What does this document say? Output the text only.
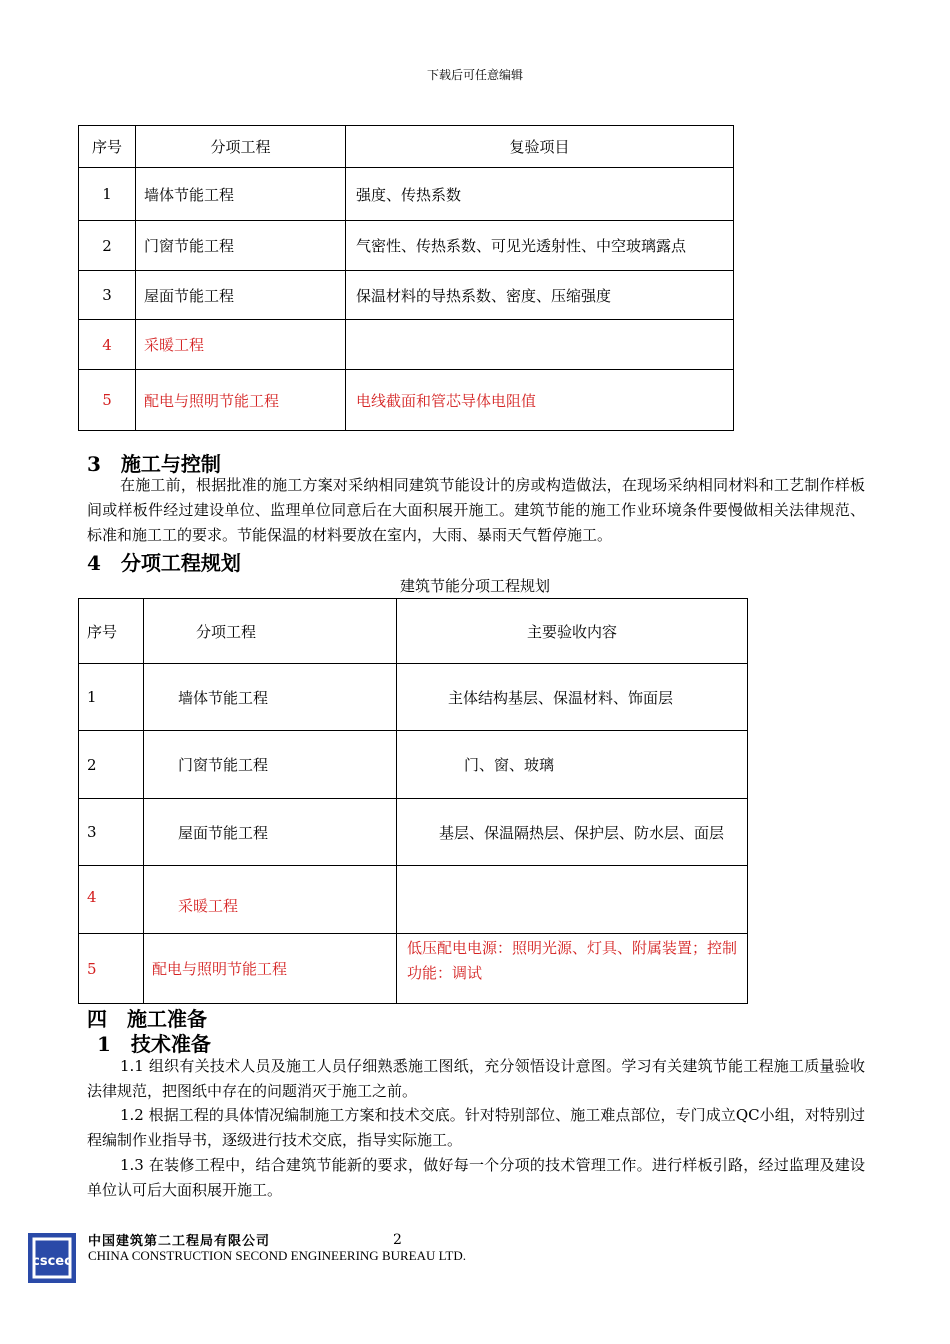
下载后可任意编辑
序号	分项工程	复验项目
1	墙体节能工程	强度、传热系数
2	门窗节能工程	气密性、传热系数、可见光透射性、中空玻璃露点
3	屋面节能工程	保温材料的导热系数、密度、压缩强度
4	采暖工程	
5	配电与照明节能工程	电线截面和管芯导体电阻值
3　施工与控制
在施工前，根据批准的施工方案对采纳相同建筑节能设计的房或构造做法，在现场采纳相同材料和工艺制作样板间或样板件经过建设单位、监理单位同意后在大面积展开施工。建筑节能的施工作业环境条件要慢做相关法律规范、标准和施工工的要求。节能保温的材料要放在室内，大雨、暴雨天气暂停施工。
4　分项工程规划
建筑节能分项工程规划
序号	分项工程	主要验收内容
1	墙体节能工程	主体结构基层、保温材料、饰面层
2	门窗节能工程	门、窗、玻璃
3	屋面节能工程	基层、保温隔热层、保护层、防水层、面层
4	采暖工程	
5	配电与照明节能工程	低压配电电源：照明光源、灯具、附属装置；控制功能：调试
四　施工准备
1　技术准备
1.1 组织有关技术人员及施工人员仔细熟悉施工图纸，充分领悟设计意图。学习有关建筑节能工程施工质量验收法律规范，把图纸中存在的问题消灭于施工之前。
1.2 根据工程的具体情况编制施工方案和技术交底。针对特别部位、施工难点部位，专门成立QC小组，对特别过程编制作业指导书，逐级进行技术交底，指导实际施工。
1.3 在装修工程中，结合建筑节能新的要求，做好每一个分项的技术管理工作。进行样板引路，经过监理及建设单位认可后大面积展开施工。
cscec
中国建筑第二工程局有限公司	2
CHINA CONSTRUCTION SECOND ENGINEERING BUREAU LTD.
